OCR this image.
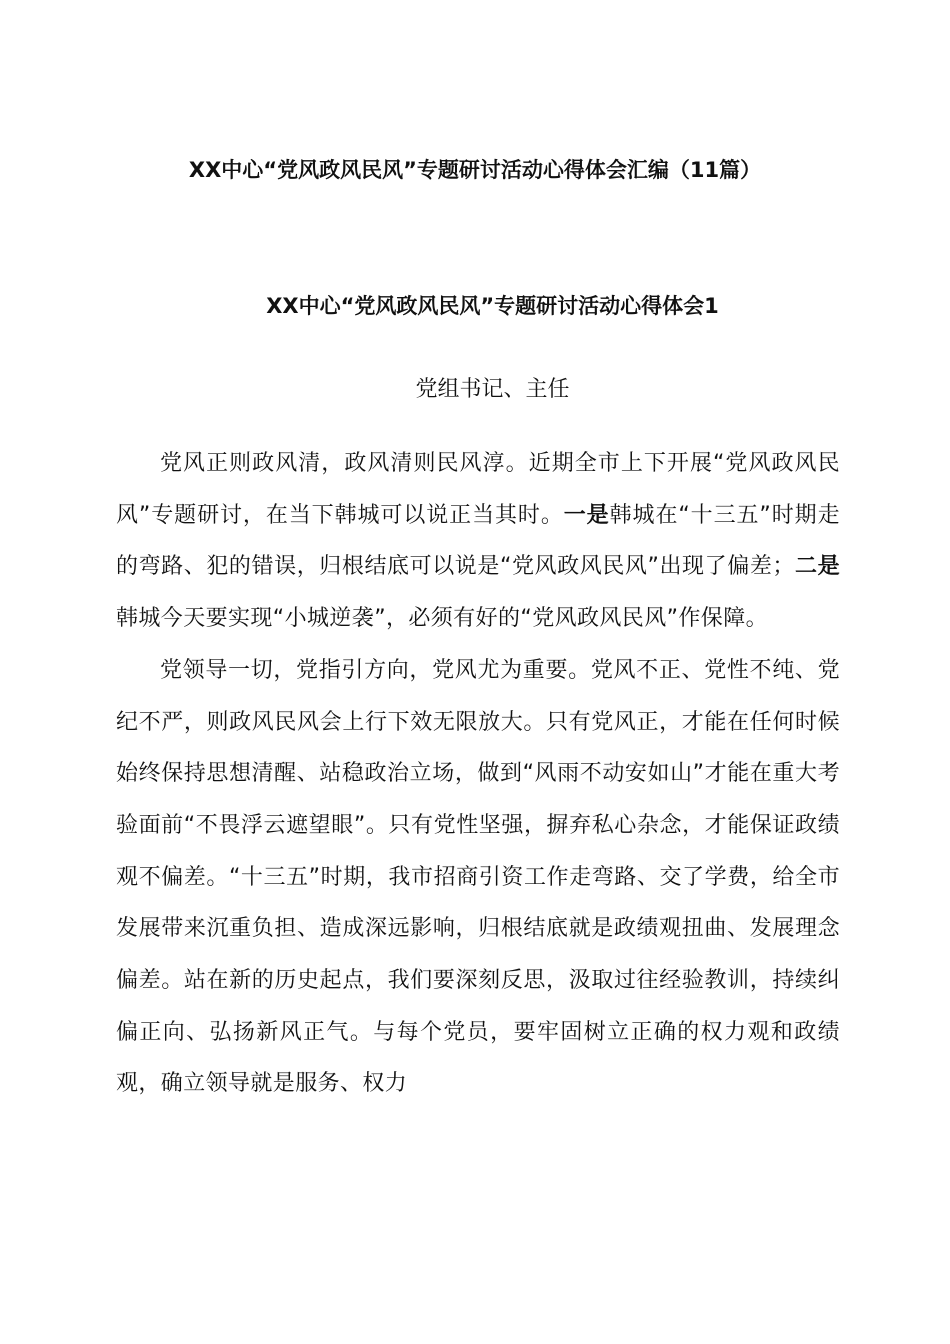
XX中心“党风政风民风”专题研讨活动心得体会汇编（11篇）
XX中心“党风政风民风”专题研讨活动心得体会1
党组书记、主任

党风正则政风清，政风清则民风淳。近期全市上下开展“党风政风民风”专题研讨，在当下韩城可以说正当其时。一是韩城在“十三五”时期走的弯路、犯的错误，归根结底可以说是“党风政风民风”出现了偏差；二是韩城今天要实现“小城逆袭”，必须有好的“党风政风民风”作保障。

党领导一切，党指引方向，党风尤为重要。党风不正、党性不纯、党纪不严，则政风民风会上行下效无限放大。只有党风正，才能在任何时候始终保持思想清醒、站稳政治立场，做到“风雨不动安如山”才能在重大考验面前“不畏浮云遮望眼”。只有党性坚强，摒弃私心杂念，才能保证政绩观不偏差。“十三五”时期，我市招商引资工作走弯路、交了学费，给全市发展带来沉重负担、造成深远影响，归根结底就是政绩观扭曲、发展理念偏差。站在新的历史起点，我们要深刻反思，汲取过往经验教训，持续纠偏正向、弘扬新风正气。与每个党员，要牢固树立正确的权力观和政绩观，确立领导就是服务、权力
